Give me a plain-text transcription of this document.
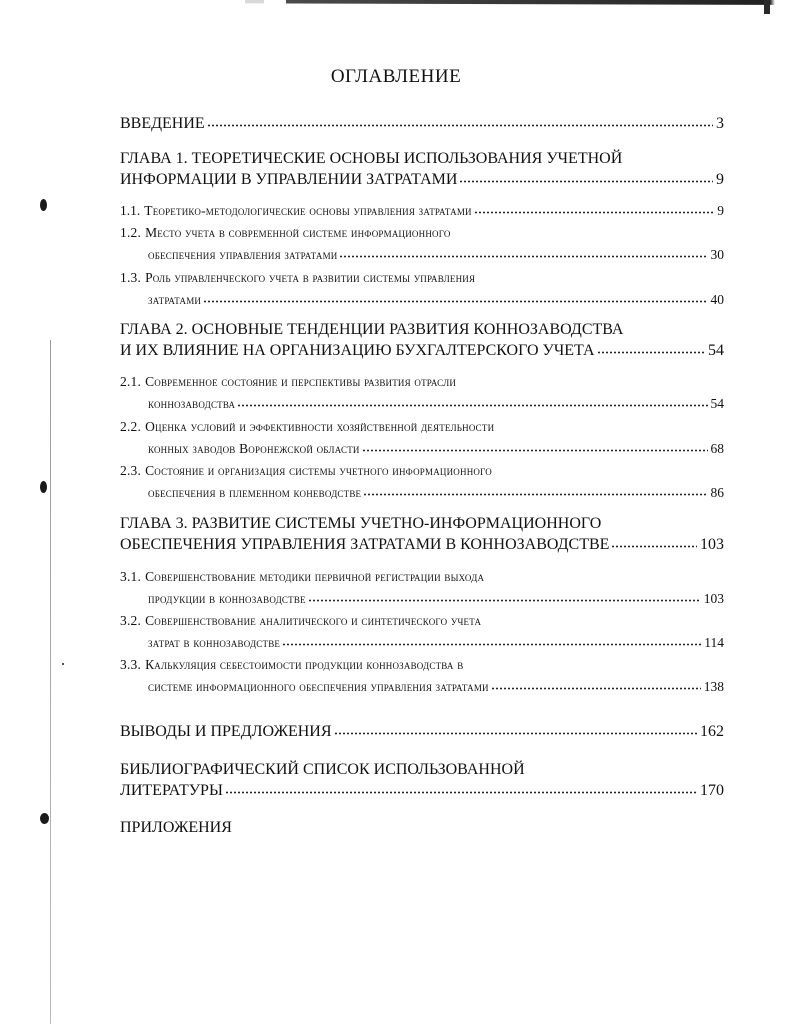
ОГЛАВЛЕНИЕ
ВВЕДЕНИЕ	3
ГЛАВА 1. ТЕОРЕТИЧЕСКИЕ ОСНОВЫ ИСПОЛЬЗОВАНИЯ УЧЕТНОЙ
ИНФОРМАЦИИ В УПРАВЛЕНИИ ЗАТРАТАМИ	9
1.1. Теоретико-методологические основы управления затратами	9
1.2. Место учета в современной системе информационного
обеспечения управления затратами	30
1.3. Роль управленческого учета в развитии системы управления
затратами	40
ГЛАВА 2. ОСНОВНЫЕ ТЕНДЕНЦИИ РАЗВИТИЯ КОННОЗАВОДСТВА
И ИХ ВЛИЯНИЕ НА ОРГАНИЗАЦИЮ БУХГАЛТЕРСКОГО УЧЕТА	54
2.1. Современное состояние и перспективы развития отрасли
коннозаводства	54
2.2. Оценка условий и эффективности хозяйственной деятельности
конных заводов Воронежской области	68
2.3. Состояние и организация системы учетного информационного
обеспечения в племенном коневодстве	86
ГЛАВА 3. РАЗВИТИЕ СИСТЕМЫ УЧЕТНО-ИНФОРМАЦИОННОГО
ОБЕСПЕЧЕНИЯ УПРАВЛЕНИЯ ЗАТРАТАМИ В КОННОЗАВОДСТВЕ	103
3.1. Совершенствование методики первичной регистрации выхода
продукции в коннозаводстве	103
3.2. Совершенствование аналитического и синтетического учета
затрат в коннозаводстве	114
3.3. Калькуляция себестоимости продукции коннозаводства в
системе информационного обеспечения управления затратами	138
ВЫВОДЫ И ПРЕДЛОЖЕНИЯ	162
БИБЛИОГРАФИЧЕСКИЙ СПИСОК ИСПОЛЬЗОВАННОЙ
ЛИТЕРАТУРЫ	170
ПРИЛОЖЕНИЯ
